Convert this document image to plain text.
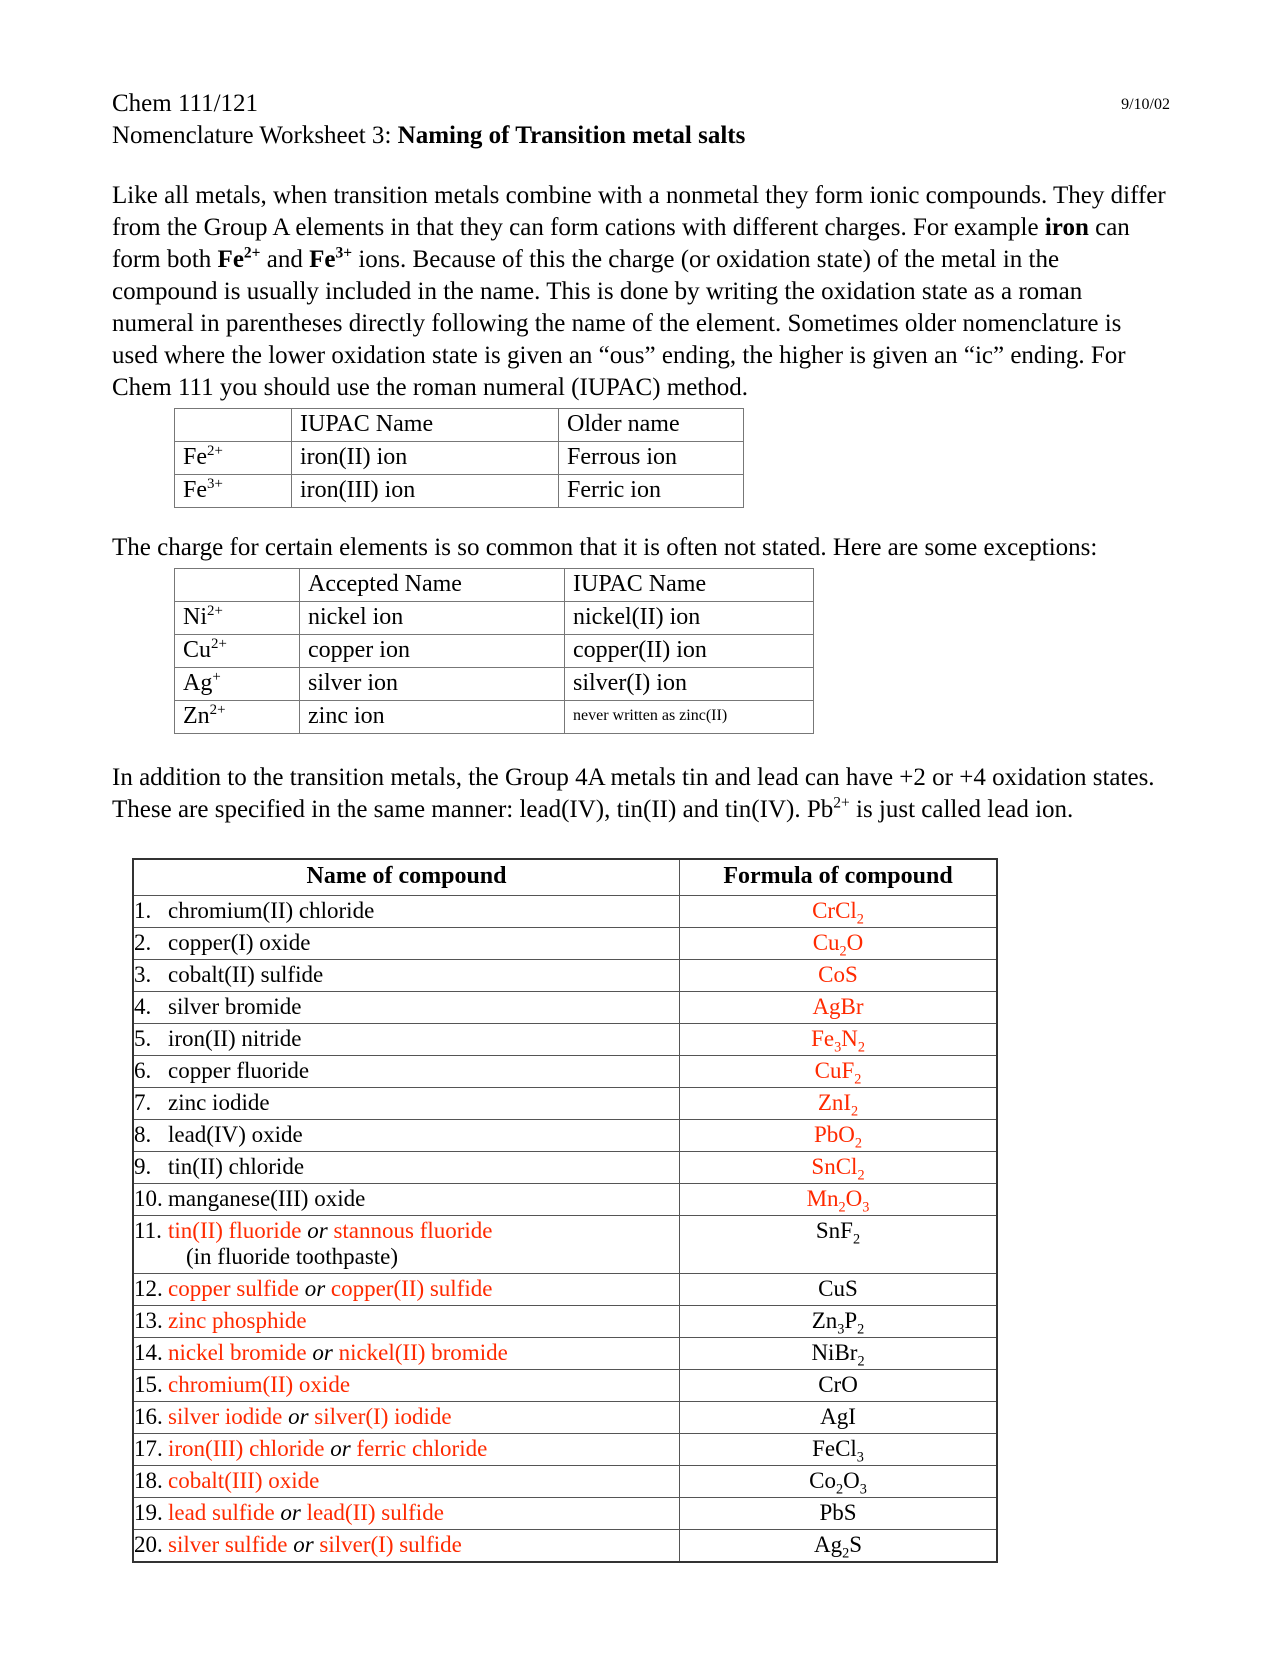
Chem 111/121	9/10/02
Nomenclature Worksheet 3: Naming of Transition metal salts

Like all metals, when transition metals combine with a nonmetal they form ionic compounds. They differ from the Group A elements in that they can form cations with different charges. For example iron can form both $Fe^{2+}$ and $Fe^{3+}$ ions. Because of this the charge (or oxidation state) of the metal in the compound is usually included in the name. This is done by writing the oxidation state as a roman numeral in parentheses directly following the name of the element. Sometimes older nomenclature is used where the lower oxidation state is given an “ous” ending, the higher is given an “ic” ending. For Chem 111 you should use the roman numeral (IUPAC) method.

	IUPAC Name	Older name
$Fe^{2+}$	iron(II) ion	Ferrous ion
$Fe^{3+}$	iron(III) ion	Ferric ion

The charge for certain elements is so common that it is often not stated. Here are some exceptions:

	Accepted Name	IUPAC Name
$Ni^{2+}$	nickel ion	nickel(II) ion
$Cu^{2+}$	copper ion	copper(II) ion
Ag+	silver ion	silver(I) ion
$Zn^{2+}$	zinc ion	never written as zinc(II)

In addition to the transition metals, the Group 4A metals tin and lead can have +2 or +4 oxidation states. These are specified in the same manner: lead(IV), tin(II) and tin(IV). $Pb^{2+}$ is just called lead ion.

Name of compound	Formula of compound
1. chromium(II) chloride	CrCl$_2$
2. copper(I) oxide	$Cu_2O$
3. cobalt(II) sulfide	CoS
4. silver bromide	AgBr
5. iron(II) nitride	$Fe_3N_2$
6. copper fluoride	CuF$_2$
7. zinc iodide	ZnI$_2$
8. lead(IV) oxide	PbO$_2$
9. tin(II) chloride	SnCl$_2$
10. manganese(III) oxide	$Mn_2O_3$
11. tin(II) fluoride or stannous fluoride
(in fluoride toothpaste)	SnF$_2$
12. copper sulfide or copper(II) sulfide	CuS
13. zinc phosphide	$Zn_3P_2$
14. nickel bromide or nickel(II) bromide	NiBr$_2$
15. chromium(II) oxide	CrO
16. silver iodide or silver(I) iodide	AgI
17. iron(III) chloride or ferric chloride	FeCl$_3$
18. cobalt(III) oxide	$Co_2O_3$
19. lead sulfide or lead(II) sulfide	PbS
20. silver sulfide or silver(I) sulfide	$Ag_2S$
